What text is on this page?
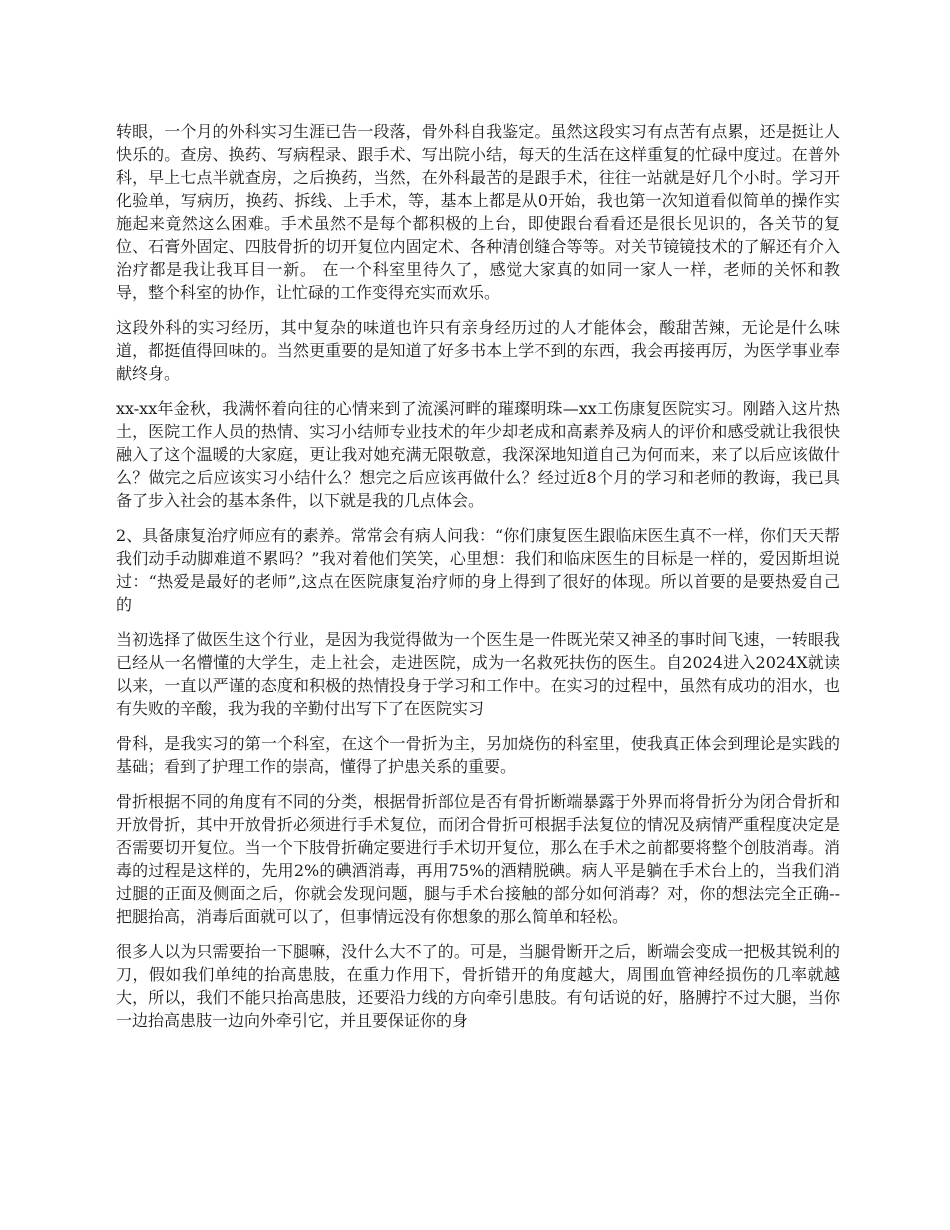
转眼，一个月的外科实习生涯已告一段落，骨外科自我鉴定。虽然这段实习有点苦有点累，还是挺让人快乐的。查房、换药、写病程录、跟手术、写出院小结，每天的生活在这样重复的忙碌中度过。在普外科，早上七点半就查房，之后换药，当然，在外科最苦的是跟手术，往往一站就是好几个小时。学习开化验单，写病历，换药、拆线、上手术，等，基本上都是从0开始，我也第一次知道看似简单的操作实施起来竟然这么困难。手术虽然不是每个都积极的上台，即使跟台看看还是很长见识的，各关节的复位、石膏外固定、四肢骨折的切开复位内固定术、各种清创缝合等等。对关节镜镜技术的了解还有介入治疗都是我让我耳目一新。 在一个科室里待久了，感觉大家真的如同一家人一样，老师的关怀和教导，整个科室的协作，让忙碌的工作变得充实而欢乐。

这段外科的实习经历，其中复杂的味道也许只有亲身经历过的人才能体会，酸甜苦辣，无论是什么味道，都挺值得回味的。当然更重要的是知道了好多书本上学不到的东西，我会再接再厉，为医学事业奉献终身。

xx-xx年金秋，我满怀着向往的心情来到了流溪河畔的璀璨明珠—xx工伤康复医院实习。刚踏入这片热土，医院工作人员的热情、实习小结师专业技术的年少却老成和高素养及病人的评价和感受就让我很快融入了这个温暖的大家庭，更让我对她充满无限敬意，我深深地知道自己为何而来，来了以后应该做什么？做完之后应该实习小结什么？想完之后应该再做什么？经过近8个月的学习和老师的教诲，我已具备了步入社会的基本条件，以下就是我的几点体会。

2、具备康复治疗师应有的素养。常常会有病人问我：“你们康复医生跟临床医生真不一样，你们天天帮我们动手动脚难道不累吗？”我对着他们笑笑，心里想：我们和临床医生的目标是一样的，爱因斯坦说过：“热爱是最好的老师”,这点在医院康复治疗师的身上得到了很好的体现。所以首要的是要热爱自己的

当初选择了做医生这个行业，是因为我觉得做为一个医生是一件既光荣又神圣的事时间飞速，一转眼我已经从一名懵懂的大学生，走上社会，走进医院，成为一名救死扶伤的医生。自2024进入2024X就读以来，一直以严谨的态度和积极的热情投身于学习和工作中。在实习的过程中，虽然有成功的泪水，也有失败的辛酸，我为我的辛勤付出写下了在医院实习

骨科，是我实习的第一个科室，在这个一骨折为主，另加烧伤的科室里，使我真正体会到理论是实践的基础；看到了护理工作的崇高，懂得了护患关系的重要。

骨折根据不同的角度有不同的分类，根据骨折部位是否有骨折断端暴露于外界而将骨折分为闭合骨折和开放骨折，其中开放骨折必须进行手术复位，而闭合骨折可根据手法复位的情况及病情严重程度决定是否需要切开复位。当一个下肢骨折确定要进行手术切开复位，那么在手术之前都要将整个创肢消毒。消毒的过程是这样的，先用2%的碘酒消毒，再用75%的酒精脱碘。病人平是躺在手术台上的，当我们消过腿的正面及侧面之后，你就会发现问题，腿与手术台接触的部分如何消毒？对，你的想法完全正确--把腿抬高，消毒后面就可以了，但事情远没有你想象的那么简单和轻松。

很多人以为只需要抬一下腿嘛，没什么大不了的。可是，当腿骨断开之后，断端会变成一把极其锐利的刀，假如我们单纯的抬高患肢，在重力作用下，骨折错开的角度越大，周围血管神经损伤的几率就越大，所以，我们不能只抬高患肢，还要沿力线的方向牵引患肢。有句话说的好，胳膊拧不过大腿，当你一边抬高患肢一边向外牵引它，并且要保证你的身
